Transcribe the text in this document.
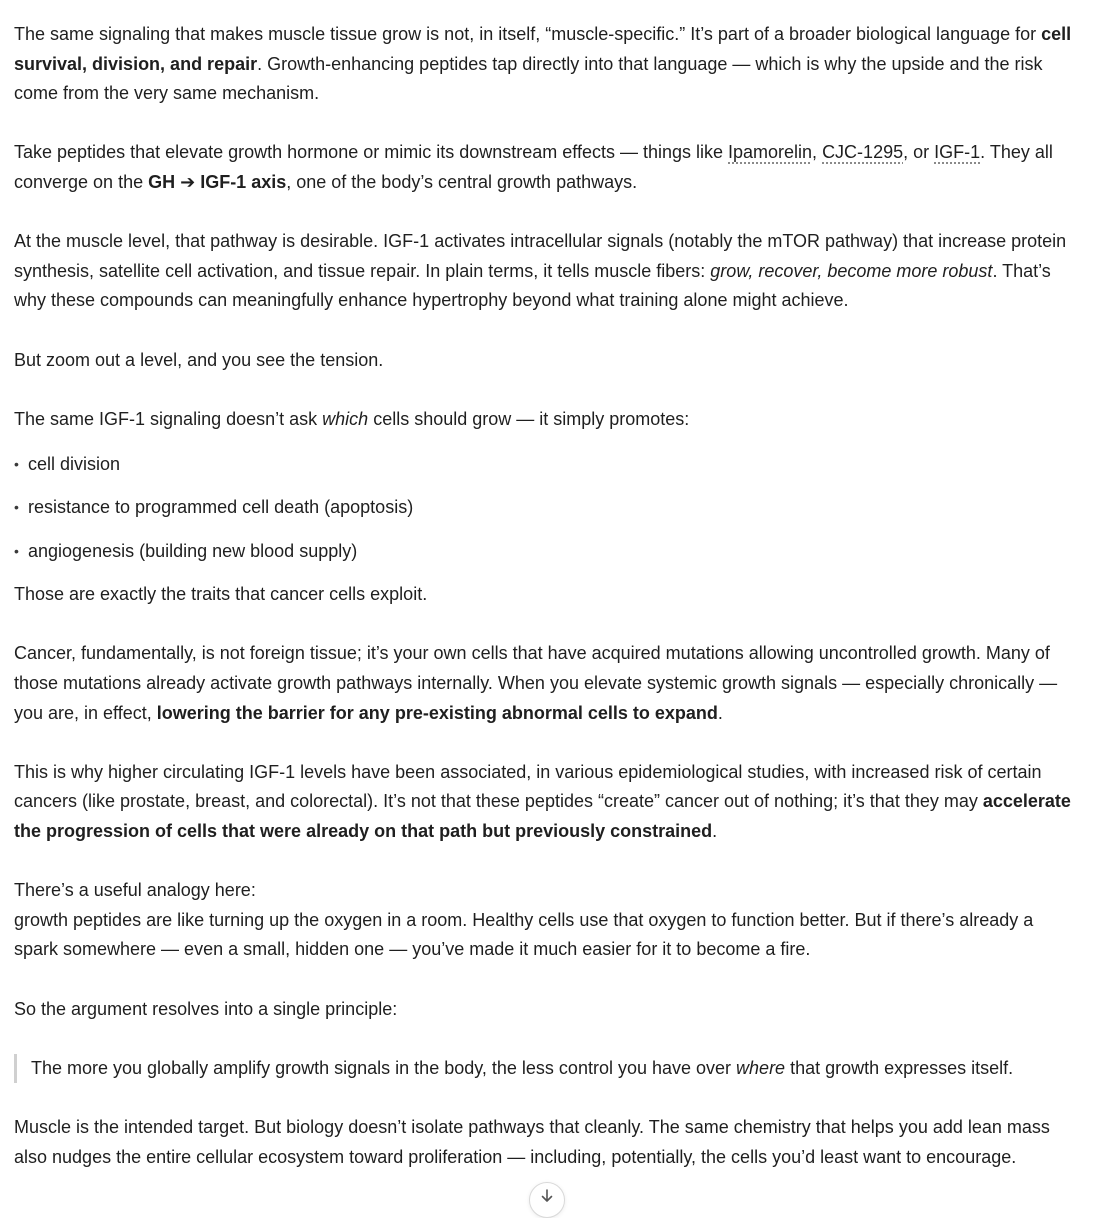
The same signaling that makes muscle tissue grow is not, in itself, “muscle-specific.” It’s part of a broader biological language for cell survival, division, and repair. Growth-enhancing peptides tap directly into that language — which is why the upside and the risk come from the very same mechanism.

Take peptides that elevate growth hormone or mimic its downstream effects — things like Ipamorelin, CJC-1295, or IGF-1. They all converge on the GH ➔ IGF-1 axis, one of the body’s central growth pathways.

At the muscle level, that pathway is desirable. IGF-1 activates intracellular signals (notably the mTOR pathway) that increase protein synthesis, satellite cell activation, and tissue repair. In plain terms, it tells muscle fibers: grow, recover, become more robust. That’s why these compounds can meaningfully enhance hypertrophy beyond what training alone might achieve.

But zoom out a level, and you see the tension.

The same IGF-1 signaling doesn’t ask which cells should grow — it simply promotes:

• cell division
• resistance to programmed cell death (apoptosis)
• angiogenesis (building new blood supply)

Those are exactly the traits that cancer cells exploit.

Cancer, fundamentally, is not foreign tissue; it’s your own cells that have acquired mutations allowing uncontrolled growth. Many of those mutations already activate growth pathways internally. When you elevate systemic growth signals — especially chronically — you are, in effect, lowering the barrier for any pre-existing abnormal cells to expand.

This is why higher circulating IGF-1 levels have been associated, in various epidemiological studies, with increased risk of certain cancers (like prostate, breast, and colorectal). It’s not that these peptides “create” cancer out of nothing; it’s that they may accelerate the progression of cells that were already on that path but previously constrained.

There’s a useful analogy here:
growth peptides are like turning up the oxygen in a room. Healthy cells use that oxygen to function better. But if there’s already a spark somewhere — even a small, hidden one — you’ve made it much easier for it to become a fire.

So the argument resolves into a single principle:

The more you globally amplify growth signals in the body, the less control you have over where that growth expresses itself.

Muscle is the intended target. But biology doesn’t isolate pathways that cleanly. The same chemistry that helps you add lean mass also nudges the entire cellular ecosystem toward proliferation — including, potentially, the cells you’d least want to encourage.
